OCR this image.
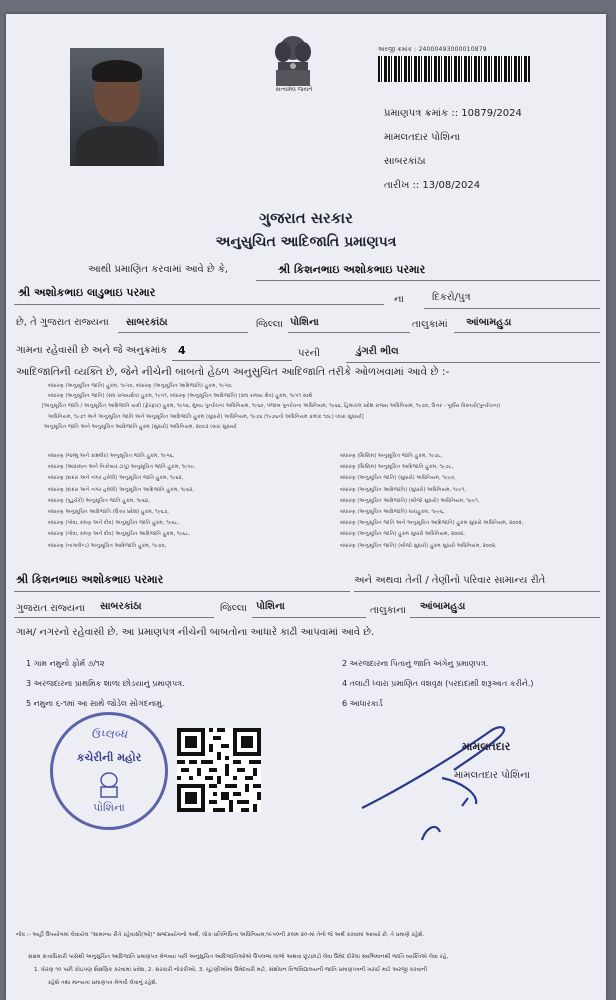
સત્યમેવ જયતે
અરજી ક્રમાંક : 24000493000010879
પ્રમાણપત્ર ક્રમાંક :: 10879/2024
મામલતદાર પોશિના
સાબરકાંઠા
તારીખ :: 13/08/2024
ગુજરાત સરકાર
અનુસુચિત આદિજાતિ પ્રમાણપત્ર
આથી પ્રમાણિત કરવામાં આવે છે કે,	શ્રી કિશનભાઇ અશોકભાઇ પરમાર
શ્રી અશોકભાઇ લાડુભાઇ પરમાર
ના	દિકરો/પુત્ર
છે, તે ગુજરાત રાજ્યના સાબરકાંઠા	જિલ્લા પોશિના	તાલુકામાં આંબામહુડા
ગામના રહેવાસી છે અને જે અનુક્રમાંક 4	પરની	ડુંગરી ભીલ
આદિજાતિની વ્યક્તિ છે, જેને નીચેની બાબતો હેઠળ અનુસુચિત આદિજાતિ તરીકે ઓળખવામાં આવે છે :-
બંધારણ (અનુસૂચિત જાતિ) હુકમ, ૧૯૫૦, બંધારણ (અનુસૂચિત આદિજાતિ) હુકમ, ૧૯૫૦,
બંધારણ (અનુસૂચિત જાતિ) (સંઘ રાજ્યક્ષેત્ર) હુકમ, ૧૯૫૧, બંધારણ (અનુસૂચિત આદિજાતિ) (સંઘ રાજ્ય ક્ષેત્ર) હુકમ, ૧૯૫૧ સાથે
[અનુસૂચિત જાતિ / અનુસૂચિત આદિજાતિ યાદી (ફેરફાર) હુકમ, ૧૯૫૬, મુંબઇ પુનર્રચના અધિનિયમ, ૧૯૬૦, પંજાબ પુનર્રચના અધિનિયમ, ૧૯૬૬, હિમાચલ પ્રદેશ રાજ્ય અધિનિયમ, ૧૯૭૦, ઉત્તર - પૂર્વીય વિસ્તારો(પુનર્રચના)
અધિનિયમ, ૧૯૭૧ અને અનુસૂચિત જાતિ અને અનુસૂચિત આદિજાતિ હુકમ (સુધારો) અધિનિયમ, ૧૯૭૬ (૧૯૭૬નો અધિનિયમ ક્રમાંક ૧૦૮) ધ્વારા સુધાર્યા]
અનુસૂચિત જાતિ અને અનુસૂચિત આદિજાતિ હુકમ (સુધારો) અધિનિયમ, ૨૦૦૩ ધ્વારા સુધાર્યા
બંધારણ (જમ્મુ અને કાશ્મીર) અનુસૂચિત જાતિ હુકમ, ૧૯૫૬,
બંધારણ (આંદામાન અને નિકોબાર ટાપુ) અનુસૂચિત જાતિ હુકમ, ૧૯૫૯,
બંધારણ (દાદરા અને નગર હવેલી) અનુસૂચિત જાતિ હુકમ, ૧૯૬૨,
બંધારણ (દાદરા અને નગર હવેલી) અનુસૂચિત આદિજાતિ હુકમ, ૧૯૬૨,
બંધારણ (પુડુચેરી) અનુસૂચિત જાતિ હુકમ, ૧૯૬૪,
બંધારણ અનુસૂચિત આદિજાતિ (ઉત્તર પ્રદેશ) હુકમ, ૧૯૬૭,
બંધારણ (ગોવા, દમણ અને દીવ) અનુસૂચિત જાતિ હુકમ, ૧૯૬૮,
બંધારણ (ગોવા, દમણ અને દીવ) અનુસૂચિત આદિજાતિ હુકમ, ૧૯૬૮,
બંધારણ (નાગાલેન્ડ) અનુસૂચિત આદિજાતિ હુકમ, ૧૯૭૦,
બંધારણ (સિક્કિમ) અનુસૂચિત જાતિ હુકમ, ૧૯૭૮,
બંધારણ (સિક્કિમ) અનુસૂચિત આદિજાતિ હુકમ, ૧૯૭૮,
બંધારણ (અનુસૂચિત જાતિ) (સુધારો) અધિનિયમ, ૧૯૯૦,
બંધારણ (અનુસૂચિત આદિજાતિ) (સુધારો) અધિનિયમ, ૧૯૯૧,
બંધારણ (અનુસૂચિત આદિજાતિ) (બીજો સુધારો) અધિનિયમ, ૧૯૯૧,
બંધારણ (અનુસૂચિત આદિજાતિ) ધારાહુકમ, ૧૯૯૬,
બંધારણ (અનુસૂચિત જાતિ અને અનુસૂચિત આદિજાતિ) હુકમ સુધારો અધિનિયમ, ૨૦૦૨,
બંધારણ (અનુસૂચિત જાતિ) હુકમ સુધારો અધિનિયમ, ૨૦૦૨,
બંધારણ (અનુસૂચિત જાતિ) (બીજો સુધારો) હુકમ સુધારો અધિનિયમ, ૨૦૦૨,
શ્રી કિશનભાઇ અશોકભાઇ પરમાર	અને અથવા તેની / તેણીનો પરિવાર સામાન્ય રીતે
ગુજરાત રાજ્યના સાબરકાંઠા	જિલ્લા પોશિના	તાલુકાના આંબામહુડા
ગામ/ નગરનો રહેવાસી છે. આ પ્રમાણપત્ર નીચેની બાબતોના આધારે કાઢી આપવામાં આવે છે.
1 ગામ નમુનો ફોર્મ ૭/૧૨
3 અરજદારના પ્રાથમિક શાળા છોડયાનું પ્રમાણપત્ર.
5 નમુના ૬-૧માં આ સાથે જોડેલ સોગંદનામું.
2 અરજદારના પિતાનું જાતિ અંગેનુ પ્રમાણપત્ર.
4 તલાટી ધ્વારા પ્રમાણિત વંશવૃક્ષ (પરદાદાથી શરૂઆત કરીને.)
6 આધારકાર્ડ
ઉપ્લબ્ધ
કચેરીની મહોર
પોશિના
મામલતદાર
મામલતદાર પોશિના
નોંધ :- અહીં ઉપયોગમાં લેવાયેલ "સામાન્ય રીતે રહેવાસી(ઓ)" શબ્દપ્રયોગનો અર્થ, લોક-પ્રતિનિધિત્વ અધિનિયમ,૧૯૫૦ની કલમ ૨૦-માં તેનો જે અર્થ કરવામાં આવ્યો છે, તે પ્રમાણે રહેશે.
સક્ષમ સત્તાધિકારી પાસેથી અનુસુચિત આદિજાતિ પ્રમાણપત્ર મેળવ્યા પછી અનુસુચિત આદિજાતિઓએ ઉપલબ્ધ લાભો અથવા છૂટછાટો લેવા ઉમેદ દોરેલા સ્વાભિમાનથી જાતિ વ્યક્તિએ લેવા રહે,
1. ધોરણ ૧૦ પછી કોઇપણ શૈક્ષણિક કરવામાં પ્રવેશ, 2. સરકારી નોકરીઓ, 3. ચૂંટણીઓમાં ઉમેદવારી માટે, સંશોધન વિશ્વવિદ્યાલયની જાતિ પ્રમાણપત્રની ખરાઈ માટે અરજી કરવાની
રહેશે તથા માન્યતા પ્રમાણપત્ર મેળવી લેવાનું રહેશે.
